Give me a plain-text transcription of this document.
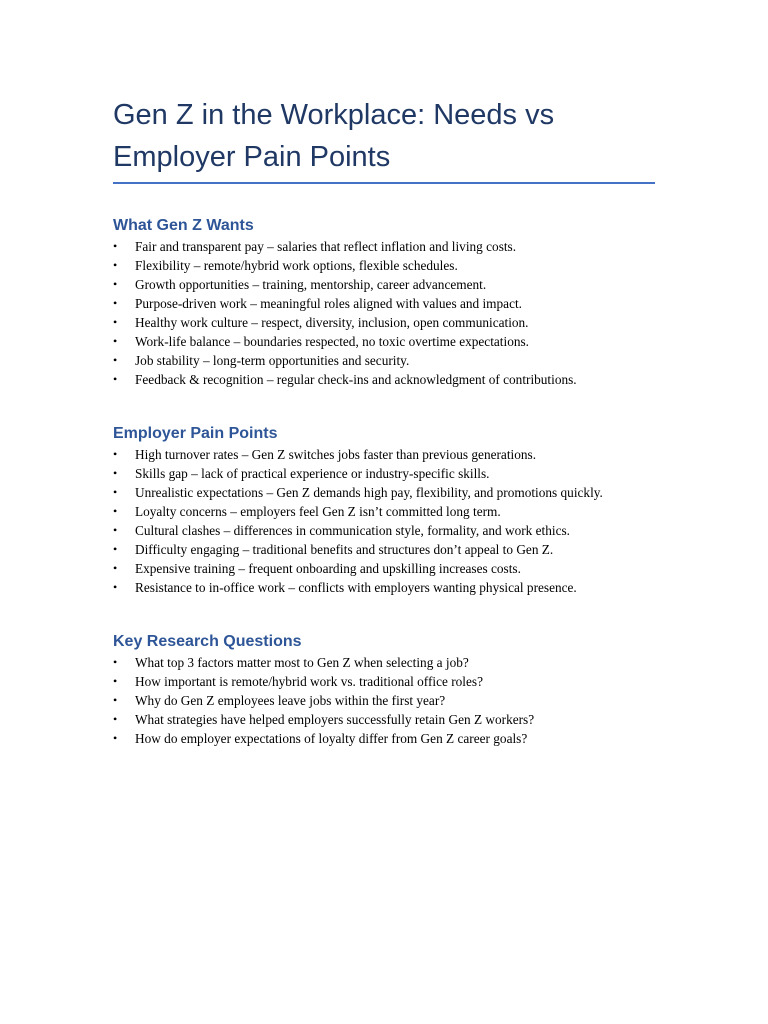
Gen Z in the Workplace: Needs vs
Employer Pain Points
What Gen Z Wants
• Fair and transparent pay – salaries that reflect inflation and living costs.
• Flexibility – remote/hybrid work options, flexible schedules.
• Growth opportunities – training, mentorship, career advancement.
• Purpose-driven work – meaningful roles aligned with values and impact.
• Healthy work culture – respect, diversity, inclusion, open communication.
• Work-life balance – boundaries respected, no toxic overtime expectations.
• Job stability – long-term opportunities and security.
• Feedback & recognition – regular check-ins and acknowledgment of contributions.
Employer Pain Points
• High turnover rates – Gen Z switches jobs faster than previous generations.
• Skills gap – lack of practical experience or industry-specific skills.
• Unrealistic expectations – Gen Z demands high pay, flexibility, and promotions quickly.
• Loyalty concerns – employers feel Gen Z isn’t committed long term.
• Cultural clashes – differences in communication style, formality, and work ethics.
• Difficulty engaging – traditional benefits and structures don’t appeal to Gen Z.
• Expensive training – frequent onboarding and upskilling increases costs.
• Resistance to in-office work – conflicts with employers wanting physical presence.
Key Research Questions
• What top 3 factors matter most to Gen Z when selecting a job?
• How important is remote/hybrid work vs. traditional office roles?
• Why do Gen Z employees leave jobs within the first year?
• What strategies have helped employers successfully retain Gen Z workers?
• How do employer expectations of loyalty differ from Gen Z career goals?
